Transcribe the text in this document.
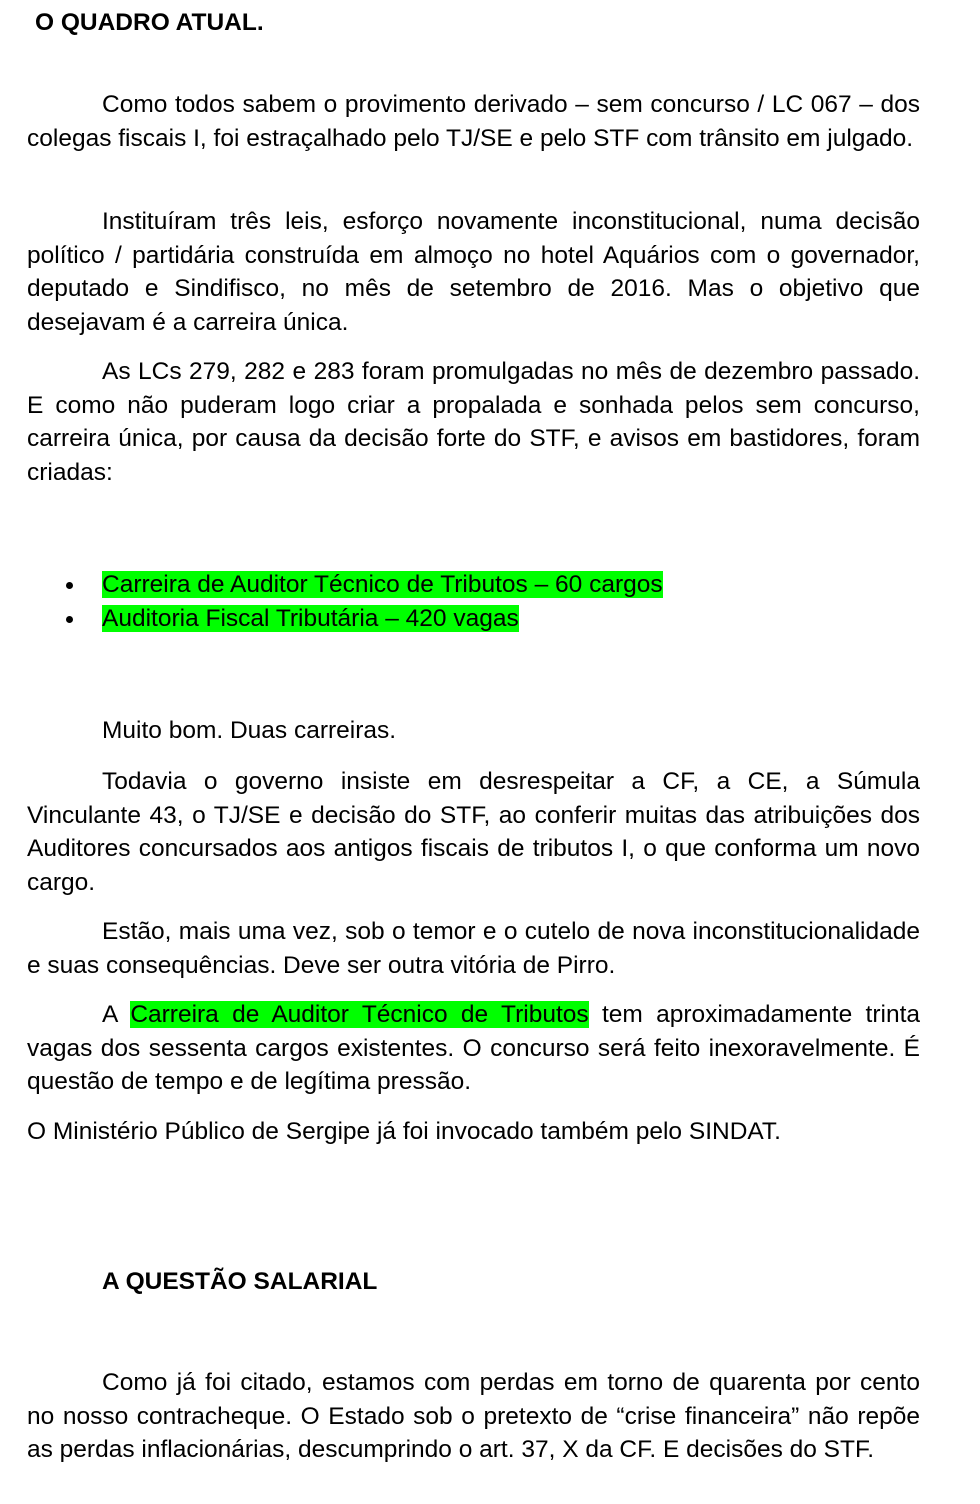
O QUADRO ATUAL.

Como todos sabem o provimento derivado – sem concurso / LC 067 – dos colegas fiscais I, foi estraçalhado pelo TJ/SE e pelo STF com trânsito em julgado.

Instituíram três leis, esforço novamente inconstitucional, numa decisão político / partidária construída em almoço no hotel Aquários com o governador, deputado e Sindifisco, no mês de setembro de 2016. Mas o objetivo que desejavam é a carreira única.

As LCs 279, 282 e 283 foram promulgadas no mês de dezembro passado. E como não puderam logo criar a propalada e sonhada pelos sem concurso, carreira única, por causa da decisão forte do STF, e avisos em bastidores, foram criadas:

Carreira de Auditor Técnico de Tributos – 60 cargos
Auditoria Fiscal Tributária – 420 vagas

Muito bom. Duas carreiras.

Todavia o governo insiste em desrespeitar a CF, a CE, a Súmula Vinculante 43, o TJ/SE e decisão do STF, ao conferir muitas das atribuições dos Auditores concursados aos antigos fiscais de tributos I, o que conforma um novo cargo.

Estão, mais uma vez, sob o temor e o cutelo de nova inconstitucionalidade e suas consequências. Deve ser outra vitória de Pirro.

A Carreira de Auditor Técnico de Tributos tem aproximadamente trinta vagas dos sessenta cargos existentes. O concurso será feito inexoravelmente. É questão de tempo e de legítima pressão.

O Ministério Público de Sergipe já foi invocado também pelo SINDAT.

A QUESTÃO SALARIAL

Como já foi citado, estamos com perdas em torno de quarenta por cento no nosso contracheque. O Estado sob o pretexto de “crise financeira” não repõe as perdas inflacionárias, descumprindo o art. 37, X da CF. E decisões do STF.
